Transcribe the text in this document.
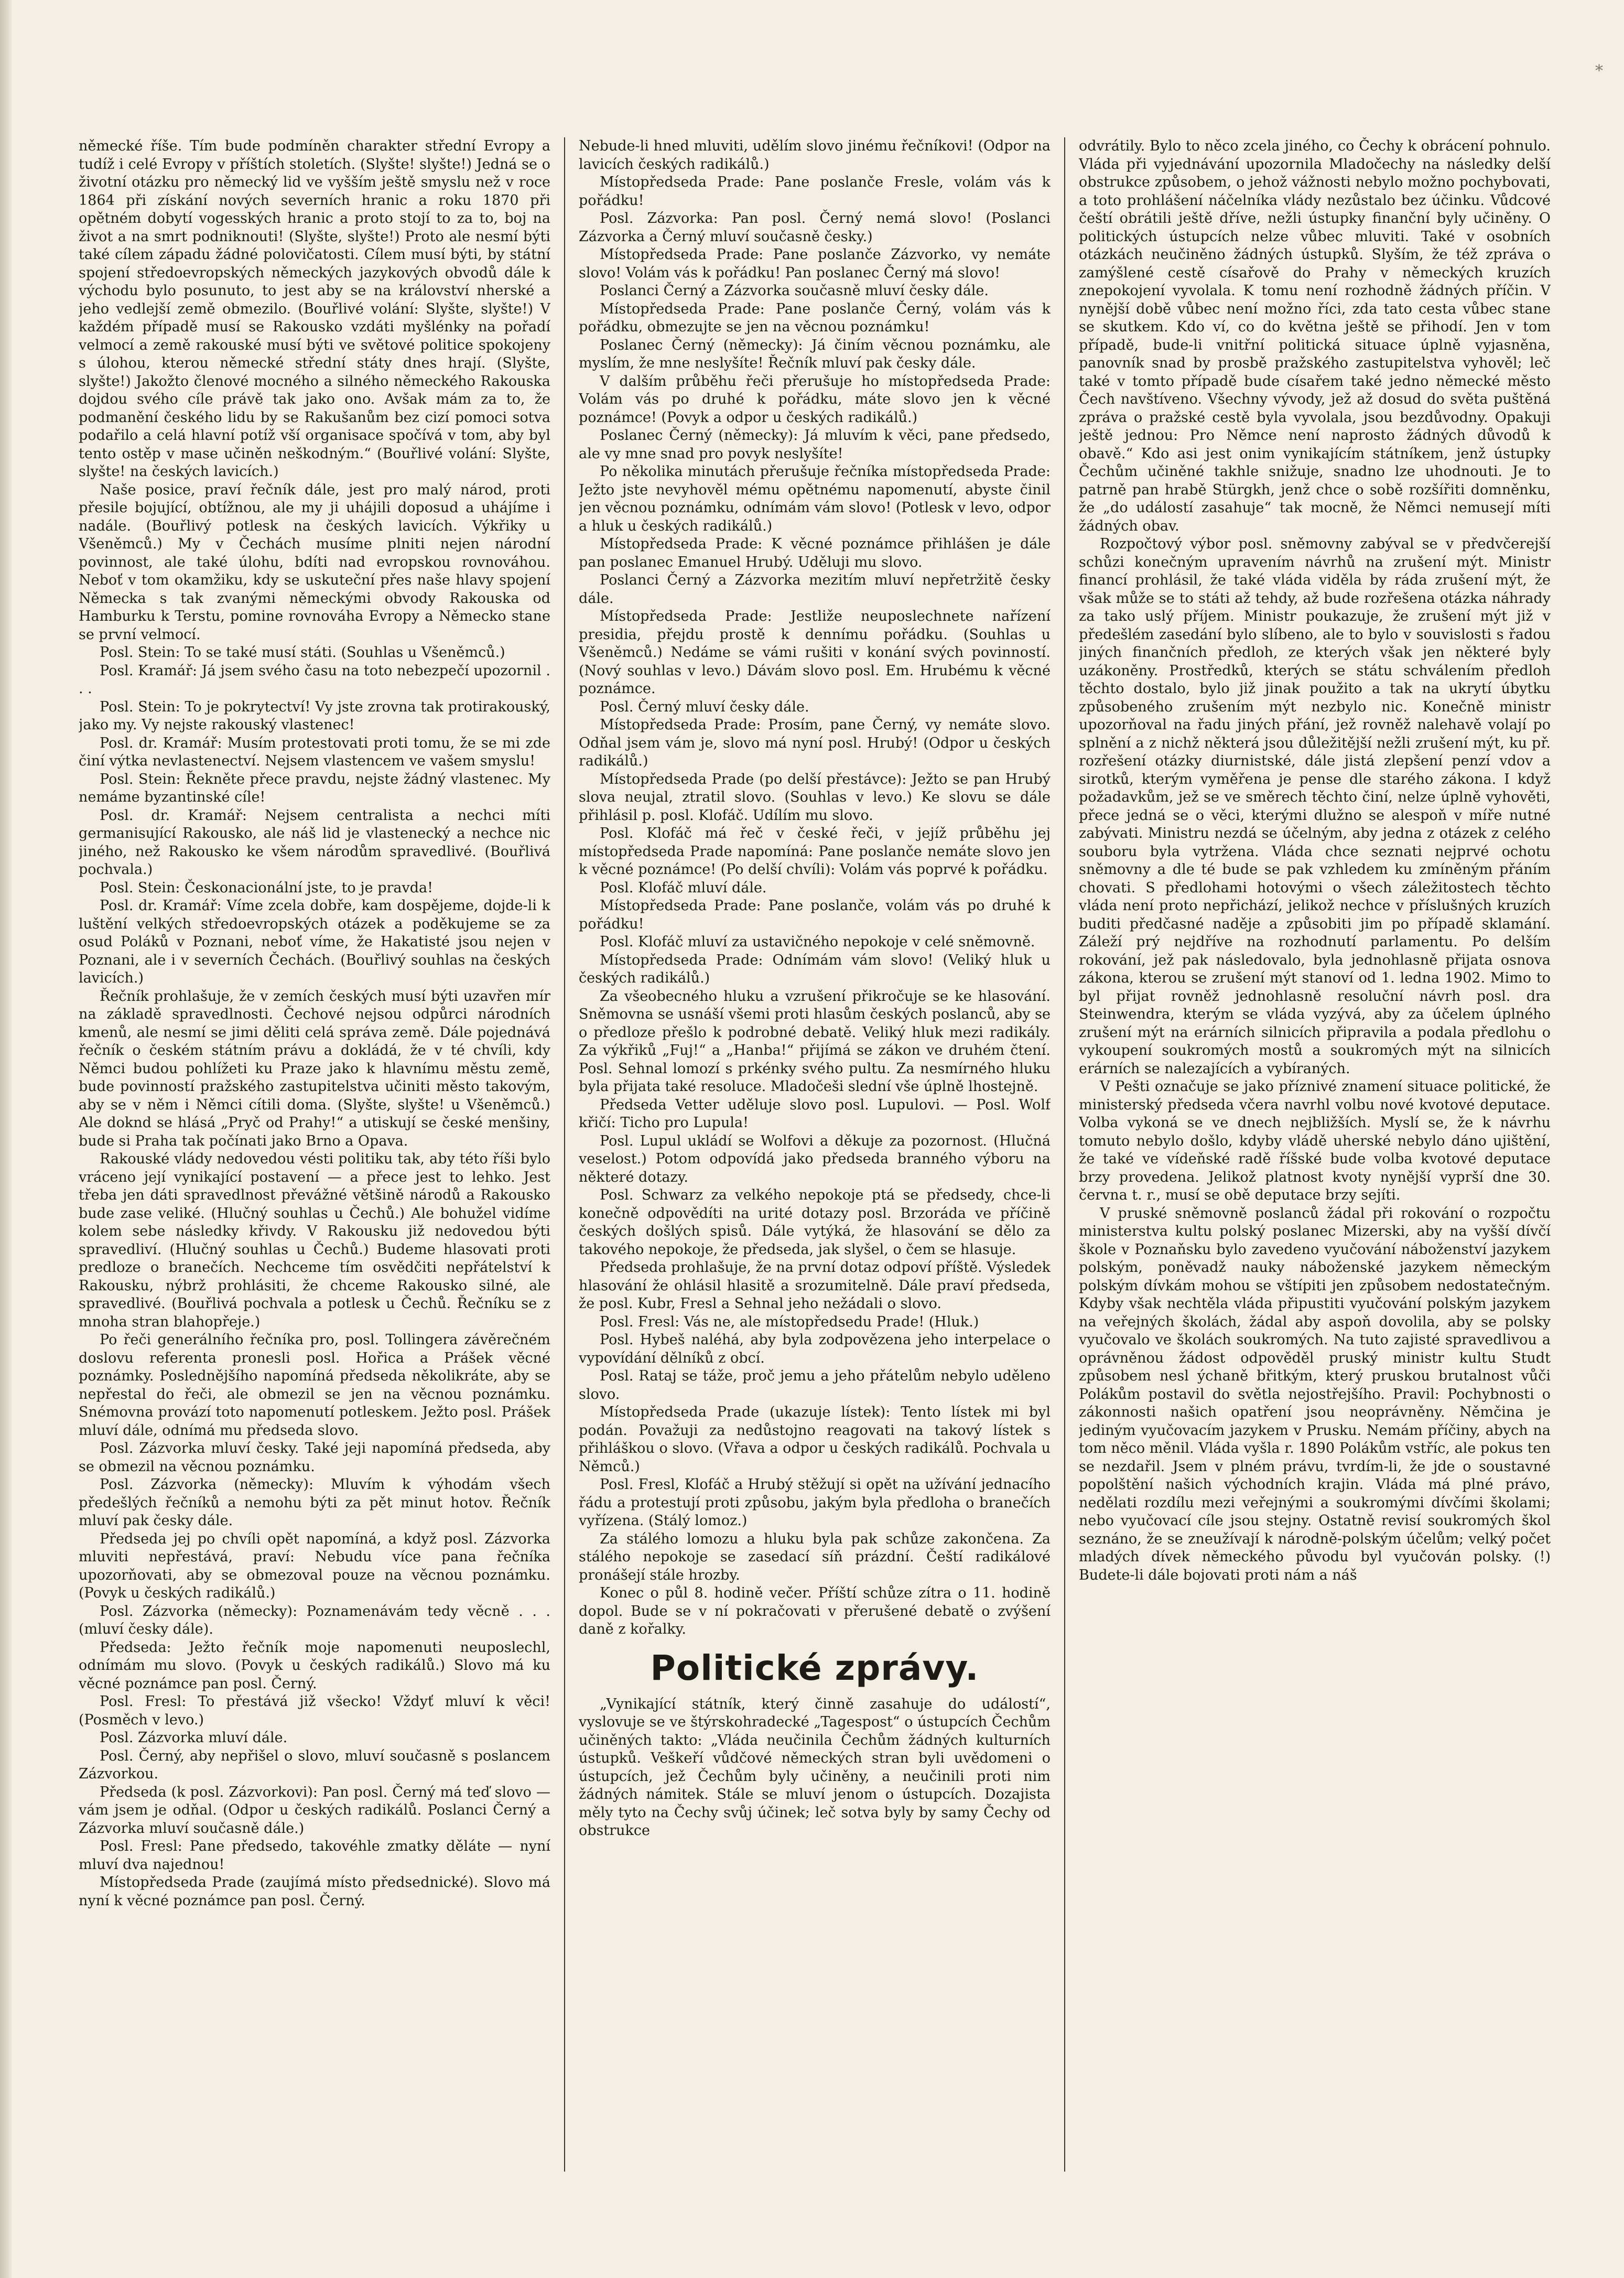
*

německé říše. Tím bude podmíněn charakter střední Evropy a tudíž i celé Evropy v příštích stoletích. (Slyšte! slyšte!) Jedná se o životní otázku pro německý lid ve vyšším ještě smyslu než v roce 1864 při získání nových severních hranic a roku 1870 při opětném dobytí vogesských hranic a proto stojí to za to, boj na život a na smrt podniknouti! (Slyšte, slyšte!) Proto ale nesmí býti také cílem západu žádné polovičatosti. Cílem musí býti, by státní spojení středoevropských německých jazykových obvodů dále k východu bylo posunuto, to jest aby se na království nherské a jeho vedlejší země obmezilo. (Bouřlivé volání: Slyšte, slyšte!) V každém případě musí se Rakousko vzdáti myšlénky na pořadí velmocí a země rakouské musí býti ve světové politice spokojeny s úlohou, kterou německé střední státy dnes hrají. (Slyšte, slyšte!) Jakožto členové mocného a silného německého Rakouska dojdou svého cíle právě tak jako ono. Avšak mám za to, že podmanění českého lidu by se Rakušanům bez cizí pomoci sotva podařilo a celá hlavní potíž vší organisace spočívá v tom, aby byl tento ostěp v mase učiněn neškodným.“ (Bouřlivé volání: Slyšte, slyšte! na českých lavicích.)

Naše posice, praví řečník dále, jest pro malý národ, proti přesile bojující, obtížnou, ale my ji uhájili doposud a uhájíme i nadále. (Bouřlivý potlesk na českých lavicích. Výkřiky u Všeněmců.) My v Čechách musíme plniti nejen národní povinnost, ale také úlohu, bdíti nad evropskou rovnováhou. Neboť v tom okamžiku, kdy se uskuteční přes naše hlavy spojení Německa s tak zvanými německými obvody Rakouska od Hamburku k Terstu, pomine rovnováha Evropy a Německo stane se první velmocí.

Posl. Stein: To se také musí státi. (Souhlas u Všeněmců.)

Posl. Kramář: Já jsem svého času na toto nebezpečí upozornil . . .

Posl. Stein: To je pokrytectví! Vy jste zrovna tak protirakouský, jako my. Vy nejste rakouský vlastenec!

Posl. dr. Kramář: Musím protestovati proti tomu, že se mi zde činí výtka nevlastenectví. Nejsem vlastencem ve vašem smyslu!

Posl. Stein: Řekněte přece pravdu, nejste žádný vlastenec. My nemáme byzantinské cíle!

Posl. dr. Kramář: Nejsem centralista a nechci míti germanisující Rakousko, ale náš lid je vlastenecký a nechce nic jiného, než Rakousko ke všem národům spravedlivé. (Bouřlivá pochvala.)

Posl. Stein: Českonacionální jste, to je pravda!

Posl. dr. Kramář: Víme zcela dobře, kam dospějeme, dojde-li k luštění velkých středoevropských otázek a poděkujeme se za osud Poláků v Poznani, neboť víme, že Hakatisté jsou nejen v Poznani, ale i v severních Čechách. (Bouřlivý souhlas na českých lavicích.)

Řečník prohlašuje, že v zemích českých musí býti uzavřen mír na základě spravedlnosti. Čechové nejsou odpůrci národních kmenů, ale nesmí se jimi děliti celá správa země. Dále pojednává řečník o českém státním právu a dokládá, že v té chvíli, kdy Němci budou pohlížeti ku Praze jako k hlavnímu městu země, bude povinností pražského zastupitelstva učiniti město takovým, aby se v něm i Němci cítili doma. (Slyšte, slyšte! u Všeněmců.) Ale doknd se hlásá „Pryč od Prahy!“ a utiskují se české menšiny, bude si Praha tak počínati jako Brno a Opava.

Rakouské vlády nedovedou vésti politiku tak, aby této říši bylo vráceno její vynikající postavení — a přece jest to lehko. Jest třeba jen dáti spravedlnost převážné většině národů a Rakousko bude zase veliké. (Hlučný souhlas u Čechů.) Ale bohužel vidíme kolem sebe následky křivdy. V Rakousku již nedovedou býti spravedliví. (Hlučný souhlas u Čechů.) Budeme hlasovati proti predloze o branečích. Nechceme tím osvědčiti nepřátelství k Rakousku, nýbrž prohlásiti, že chceme Rakousko silné, ale spravedlivé. (Bouřlivá pochvala a potlesk u Čechů. Řečníku se z mnoha stran blahopřeje.)

Po řeči generálního řečníka pro, posl. Tollingera závěrečném doslovu referenta pronesli posl. Hořica a Prášek věcné poznámky. Poslednějšího napomíná předseda několikráte, aby se nepřestal do řeči, ale obmezil se jen na věcnou poznámku. Snémovna provází toto napomenutí potleskem. Ježto posl. Prášek mluví dále, odnímá mu předseda slovo.

Posl. Zázvorka mluví česky. Také jeji napomíná předseda, aby se obmezil na věcnou poznámku.

Posl. Zázvorka (německy): Mluvím k výhodám všech předešlých řečníků a nemohu býti za pět minut hotov. Řečník mluví pak česky dále.

Předseda jej po chvíli opět napomíná, a když posl. Zázvorka mluviti nepřestává, praví: Nebudu více pana řečníka upozorňovati, aby se obmezoval pouze na věcnou poznámku. (Povyk u českých radikálů.)

Posl. Zázvorka (německy): Poznamenávám tedy věcně . . . (mluví česky dále).

Předseda: Ježto řečník moje napomenuti neuposlechl, odnímám mu slovo. (Povyk u českých radikálů.) Slovo má ku věcné poznámce pan posl. Černý.

Posl. Fresl: To přestává již všecko! Vždyť mluví k věci! (Posměch v levo.)

Posl. Zázvorka mluví dále.

Posl. Černý, aby nepřišel o slovo, mluví současně s poslancem Zázvorkou.

Předseda (k posl. Zázvorkovi): Pan posl. Černý má teď slovo — vám jsem je odňal. (Odpor u českých radikálů. Poslanci Černý a Zázvorka mluví současně dále.)

Posl. Fresl: Pane předsedo, takovéhle zmatky děláte — nyní mluví dva najednou!

Místopředseda Prade (zaujímá místo předsednické). Slovo má nyní k věcné poznámce pan posl. Černý.

Nebude-li hned mluviti, udělím slovo jinému řečníkovi! (Odpor na lavicích českých radikálů.)

Místopředseda Prade: Pane poslanče Fresle, volám vás k pořádku!

Posl. Zázvorka: Pan posl. Černý nemá slovo! (Poslanci Zázvorka a Černý mluví současně česky.)

Místopředseda Prade: Pane poslanče Zázvorko, vy nemáte slovo! Volám vás k pořádku! Pan poslanec Černý má slovo!

Poslanci Černý a Zázvorka současně mluví česky dále.

Místopředseda Prade: Pane poslanče Černý, volám vás k pořádku, obmezujte se jen na věcnou poznámku!

Poslanec Černý (německy): Já činím věcnou poznámku, ale myslím, že mne neslyšíte! Řečník mluví pak česky dále.

V dalším průběhu řeči přerušuje ho místopředseda Prade: Volám vás po druhé k pořádku, máte slovo jen k věcné poznámce! (Povyk a odpor u českých radikálů.)

Poslanec Černý (německy): Já mluvím k věci, pane předsedo, ale vy mne snad pro povyk neslyšíte!

Po několika minutách přerušuje řečníka místopředseda Prade: Ježto jste nevyhověl mému opětnému napomenutí, abyste činil jen věcnou poznámku, odnímám vám slovo! (Potlesk v levo, odpor a hluk u českých radikálů.)

Místopředseda Prade: K věcné poznámce přihlášen je dále pan poslanec Emanuel Hrubý. Uděluji mu slovo.

Poslanci Černý a Zázvorka mezitím mluví nepřetržitě česky dále.

Místopředseda Prade: Jestliže neuposlechnete nařízení presidia, přejdu prostě k dennímu pořádku. (Souhlas u Všeněmců.) Nedáme se vámi rušiti v konání svých povinností. (Nový souhlas v levo.) Dávám slovo posl. Em. Hrubému k věcné poznámce.

Posl. Černý mluví česky dále.

Místopředseda Prade: Prosím, pane Černý, vy nemáte slovo. Odňal jsem vám je, slovo má nyní posl. Hrubý! (Odpor u českých radikálů.)

Místopředseda Prade (po delší přestávce): Ježto se pan Hrubý slova neujal, ztratil slovo. (Souhlas v levo.) Ke slovu se dále přihlásil p. posl. Klofáč. Udílím mu slovo.

Posl. Klofáč má řeč v české řeči, v jejíž průběhu jej místopředseda Prade napomíná: Pane poslanče nemáte slovo jen k věcné poznámce! (Po delší chvíli): Volám vás poprvé k pořádku.

Posl. Klofáč mluví dále.

Místopředseda Prade: Pane poslanče, volám vás po druhé k pořádku!

Posl. Klofáč mluví za ustavičného nepokoje v celé sněmovně.

Místopředseda Prade: Odnímám vám slovo! (Veliký hluk u českých radikálů.)

Za všeobecného hluku a vzrušení přikročuje se ke hlasování. Sněmovna se usnáší všemi proti hlasům českých poslanců, aby se o předloze přešlo k podrobné debatě. Veliký hluk mezi radikály. Za výkřiků „Fuj!“ a „Hanba!“ přijímá se zákon ve druhém čtení. Posl. Sehnal lomozí s prkénky svého pultu. Za nesmírného hluku byla přijata také resoluce. Mladočeši slední vše úplně lhostejně.

Předseda Vetter uděluje slovo posl. Lupulovi. — Posl. Wolf křičí: Ticho pro Lupula!

Posl. Lupul ukládí se Wolfovi a děkuje za pozornost. (Hlučná veselost.) Potom odpovídá jako předseda branného výboru na některé dotazy.

Posl. Schwarz za velkého nepokoje ptá se předsedy, chce-li konečně odpovědíti na urité dotazy posl. Brzoráda ve příčině českých došlých spisů. Dále vytýká, že hlasování se dělo za takového nepokoje, že předseda, jak slyšel, o čem se hlasuje.

Předseda prohlašuje, že na první dotaz odpoví příště. Výsledek hlasování že ohlásil hlasitě a srozumitelně. Dále praví předseda, že posl. Kubr, Fresl a Sehnal jeho nežádali o slovo.

Posl. Fresl: Vás ne, ale místopředsedu Prade! (Hluk.)

Posl. Hybeš naléhá, aby byla zodpovězena jeho interpelace o vypovídání dělníků z obcí.

Posl. Rataj se táže, proč jemu a jeho přátelům nebylo uděleno slovo.

Místopředseda Prade (ukazuje lístek): Tento lístek mi byl podán. Považuji za nedůstojno reagovati na takový lístek s přihláškou o slovo. (Vřava a odpor u českých radikálů. Pochvala u Němců.)

Posl. Fresl, Klofáč a Hrubý stěžují si opět na užívání jednacího řádu a protestují proti způsobu, jakým byla předloha o branečích vyřízena. (Stálý lomoz.)

Za stálého lomozu a hluku byla pak schůze zakončena. Za stálého nepokoje se zasedací síň prázdní. Čeští radikálové pronášejí stále hrozby.

Konec o půl 8. hodině večer. Příští schůze zítra o 11. hodině dopol. Bude se v ní pokračovati v přerušené debatě o zvýšení daně z kořalky.

Politické zprávy.

„Vynikající státník, který činně zasahuje do událostí“, vyslovuje se ve štýrskohradecké „Tagespost“ o ústupcích Čechům učiněných takto: „Vláda neučinila Čechům žádných kulturních ústupků. Veškeří vůdčové německých stran byli uvědomeni o ústupcích, jež Čechům byly učiněny, a neučinili proti nim žádných námitek. Stále se mluví jenom o ústupcích. Dozajista měly tyto na Čechy svůj účinek; leč sotva byly by samy Čechy od obstrukce

odvrátily. Bylo to něco zcela jiného, co Čechy k obrácení pohnulo. Vláda při vyjednávání upozornila Mladočechy na následky delší obstrukce způsobem, o jehož vážnosti nebylo možno pochybovati, a toto prohlášení náčelníka vlády nezůstalo bez účinku. Vůdcové čeští obrátili ještě dříve, nežli ústupky finanční byly učiněny. O politických ústupcích nelze vůbec mluviti. Také v osobních otázkách neučiněno žádných ústupků. Slyším, že též zpráva o zamýšlené cestě císařově do Prahy v německých kruzích znepokojení vyvolala. K tomu není rozhodně žádných příčin. V nynější době vůbec není možno říci, zda tato cesta vůbec stane se skutkem. Kdo ví, co do května ještě se přihodí. Jen v tom případě, bude-li vnitřní politická situace úplně vyjasněna, panovník snad by prosbě pražského zastupitelstva vyhověl; leč také v tomto případě bude císařem také jedno německé město Čech navštíveno. Všechny vývody, jež až dosud do světa puštěná zpráva o pražské cestě byla vyvolala, jsou bezdůvodny. Opakuji ještě jednou: Pro Němce není naprosto žádných důvodů k obavě.“ Kdo asi jest onim vynikajícím státníkem, jenž ústupky Čechům učiněné takhle snižuje, snadno lze uhodnouti. Je to patrně pan hrabě Stürgkh, jenž chce o sobě rozšířiti domněnku, že „do událostí zasahuje“ tak mocně, že Němci nemusejí míti žádných obav.

Rozpočtový výbor posl. sněmovny zabýval se v předvčerejší schůzi konečným upravením návrhů na zrušení mýt. Ministr financí prohlásil, že také vláda viděla by ráda zrušení mýt, že však může se to státi až tehdy, až bude rozřešena otázka náhrady za tako uslý příjem. Ministr poukazuje, že zrušení mýt již v předešlém zasedání bylo slíbeno, ale to bylo v souvislosti s řadou jiných finančních předloh, ze kterých však jen některé byly uzákoněny. Prostředků, kterých se státu schválením předloh těchto dostalo, bylo již jinak použito a tak na ukrytí úbytku způsobeného zrušením mýt nezbylo nic. Konečně ministr upozorňoval na řadu jiných přání, jež rovněž nalehavě volají po splnění a z nichž některá jsou důležitější nežli zrušení mýt, ku př. rozřešení otázky diurnistské, dále jistá zlepšení penzí vdov a sirotků, kterým vyměřena je pense dle starého zákona. I když požadavkům, jež se ve směrech těchto činí, nelze úplně vyhověti, přece jedná se o věci, kterými dlužno se alespoň v míře nutné zabývati. Ministru nezdá se účelným, aby jedna z otázek z celého souboru byla vytržena. Vláda chce seznati nejprvé ochotu sněmovny a dle té bude se pak vzhledem ku zmíněným přáním chovati. S předlohami hotovými o všech záležitostech těchto vláda není proto nepřichází, jelikož nechce v příslušných kruzích buditi předčasné naděje a způsobiti jim po případě sklamání. Záleží prý nejdříve na rozhodnutí parlamentu. Po delším rokování, jež pak následovalo, byla jednohlasně přijata osnova zákona, kterou se zrušení mýt stanoví od 1. ledna 1902. Mimo to byl přijat rovněž jednohlasně resoluční návrh posl. dra Steinwendra, kterým se vláda vyzývá, aby za účelem úplného zrušení mýt na erárních silnicích připravila a podala předlohu o vykoupení soukromých mostů a soukromých mýt na silnicích erárních se nalezajících a vybíraných.

V Pešti označuje se jako příznivé znamení situace politické, že ministerský předseda včera navrhl volbu nové kvotové deputace. Volba vykoná se ve dnech nejbližších. Myslí se, že k návrhu tomuto nebylo došlo, kdyby vládě uherské nebylo dáno ujištění, že také ve vídeňské radě říšské bude volba kvotové deputace brzy provedena. Jelikož platnost kvoty nynější vyprší dne 30. června t. r., musí se obě deputace brzy sejíti.

V pruské sněmovně poslanců žádal při rokování o rozpočtu ministerstva kultu polský poslanec Mizerski, aby na vyšší dívčí škole v Poznaňsku bylo zavedeno vyučování náboženství jazykem polským, poněvadž nauky náboženské jazykem německým polským dívkám mohou se vštípiti jen způsobem nedostatečným. Kdyby však nechtěla vláda připustiti vyučování polským jazykem na veřejných školách, žádal aby aspoň dovolila, aby se polsky vyučovalo ve školách soukromých. Na tuto zajisté spravedlivou a oprávněnou žádost odpověděl pruský ministr kultu Studt způsobem nesl ýchaně břitkým, který pruskou brutalnost vůči Polákům postavil do světla nejostřejšího. Pravil: Pochybnosti o zákonnosti našich opatření jsou neoprávněny. Němčina je jediným vyučovacím jazykem v Prusku. Nemám příčiny, abych na tom něco měnil. Vláda vyšla r. 1890 Polákům vstříc, ale pokus ten se nezdařil. Jsem v plném právu, tvrdím-li, že jde o soustavné popolštění našich východních krajin. Vláda má plné právo, nedělati rozdílu mezi veřejnými a soukromými dívčími školami; nebo vyučovací cíle jsou stejny. Ostatně revisí soukromých škol seznáno, že se zneužívají k národně-polským účelům; velký počet mladých dívek německého původu byl vyučován polsky. (!) Budete-li dále bojovati proti nám a náš
